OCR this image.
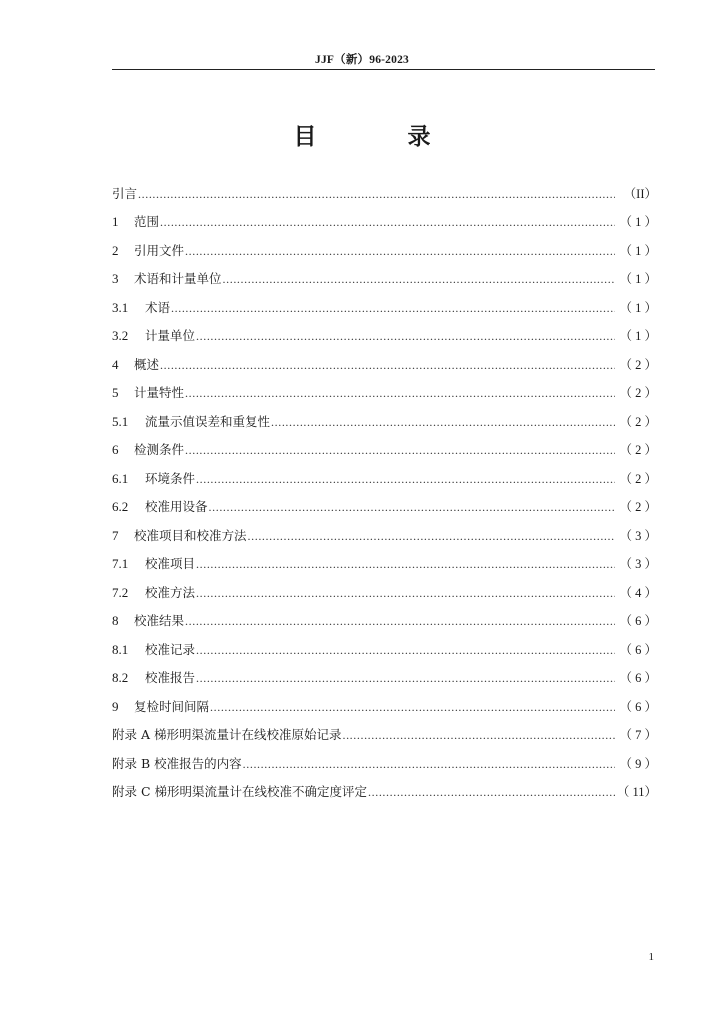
JJF（新）96-2023
目　录
引言 .....	（II）
1 范围 .....	（ 1 ）
2 引用文件 .....	（ 1 ）
3 术语和计量单位 .....	（ 1 ）
3.1 术语 .....	（ 1 ）
3.2 计量单位 .....	（ 1 ）
4 概述 .....	（ 2 ）
5 计量特性 .....	（ 2 ）
5.1 流量示值误差和重复性 .....	（ 2 ）
6 检测条件 .....	（ 2 ）
6.1 环境条件 .....	（ 2 ）
6.2 校准用设备 .....	（ 2 ）
7 校准项目和校准方法 .....	（ 3 ）
7.1 校准项目 .....	（ 3 ）
7.2 校准方法 .....	（ 4 ）
8 校准结果 .....	（ 6 ）
8.1 校准记录 .....	（ 6 ）
8.2 校准报告 .....	（ 6 ）
9 复检时间间隔 .....	（ 6 ）
附录 A 梯形明渠流量计在线校准原始记录 .....	（ 7 ）
附录 B 校准报告的内容 .....	（ 9 ）
附录 C 梯形明渠流量计在线校准不确定度评定 .....	（ 11）
1
